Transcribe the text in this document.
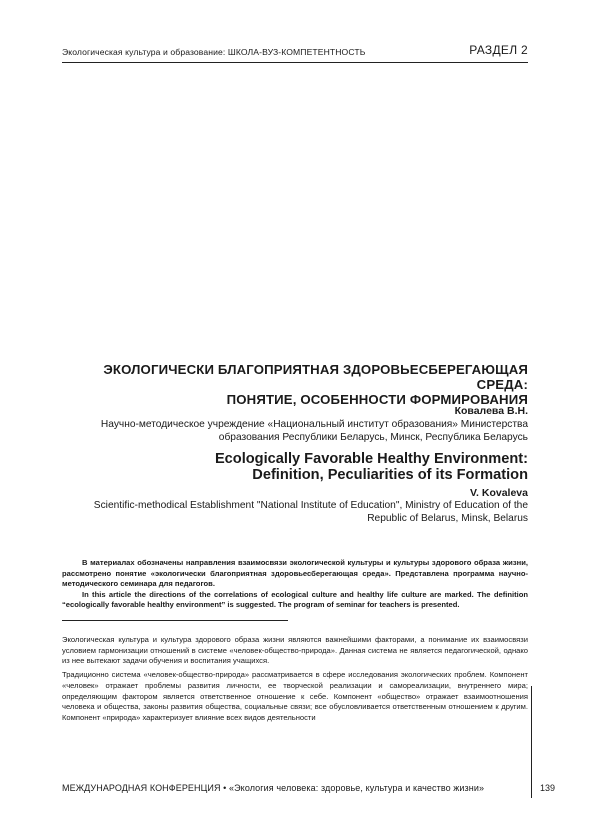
Экологическая культура и образование: ШКОЛА-ВУЗ-КОМПЕТЕНТНОСТЬ	РАЗДЕЛ 2
ЭКОЛОГИЧЕСКИ БЛАГОПРИЯТНАЯ ЗДОРОВЬЕСБЕРЕГАЮЩАЯ СРЕДА:
ПОНЯТИЕ, ОСОБЕННОСТИ ФОРМИРОВАНИЯ
Ковалева В.Н.
Научно-методическое учреждение «Национальный институт образования» Министерства
образования Республики Беларусь, Минск, Республика Беларусь
Ecologically Favorable Healthy Environment:
Definition, Peculiarities of its Formation
V. Kovaleva
Scientific-methodical Establishment "National Institute of Education", Ministry of Education of the
Republic of Belarus, Minsk, Belarus

В материалах обозначены направления взаимосвязи экологической культуры и культуры здорового образа жизни, рассмотрено понятие «экологически благоприятная здоровьесберегающая среда». Представлена программа научно-методического семинара для педагогов.

In this article the directions of the correlations of ecological culture and healthy life culture are marked. The definition “ecologically favorable healthy environment” is suggested. The program of seminar for teachers is presented.

Экологическая культура и культура здорового образа жизни являются важнейшими факторами, а понимание их взаимосвязи условием гармонизации отношений в системе «человек-общество-природа». Данная система не является педагогической, однако из нее вытекают задачи обучения и воспитания учащихся.

Традиционно система «человек-общество-природа» рассматривается в сфере исследования экологических проблем. Компонент «человек» отражает проблемы развития личности, ее творческой реализации и самореализации, внутреннего мира; определяющим фактором является ответственное отношение к себе. Компонент «общество» отражает взаимоотношения человека и общества, законы развития общества, социальные связи; все обусловливается ответственным отношением к другим. Компонент «природа» характеризует влияние всех видов деятельности

МЕЖДУНАРОДНАЯ КОНФЕРЕНЦИЯ • «Экология человека: здоровье, культура и качество жизни»	139
